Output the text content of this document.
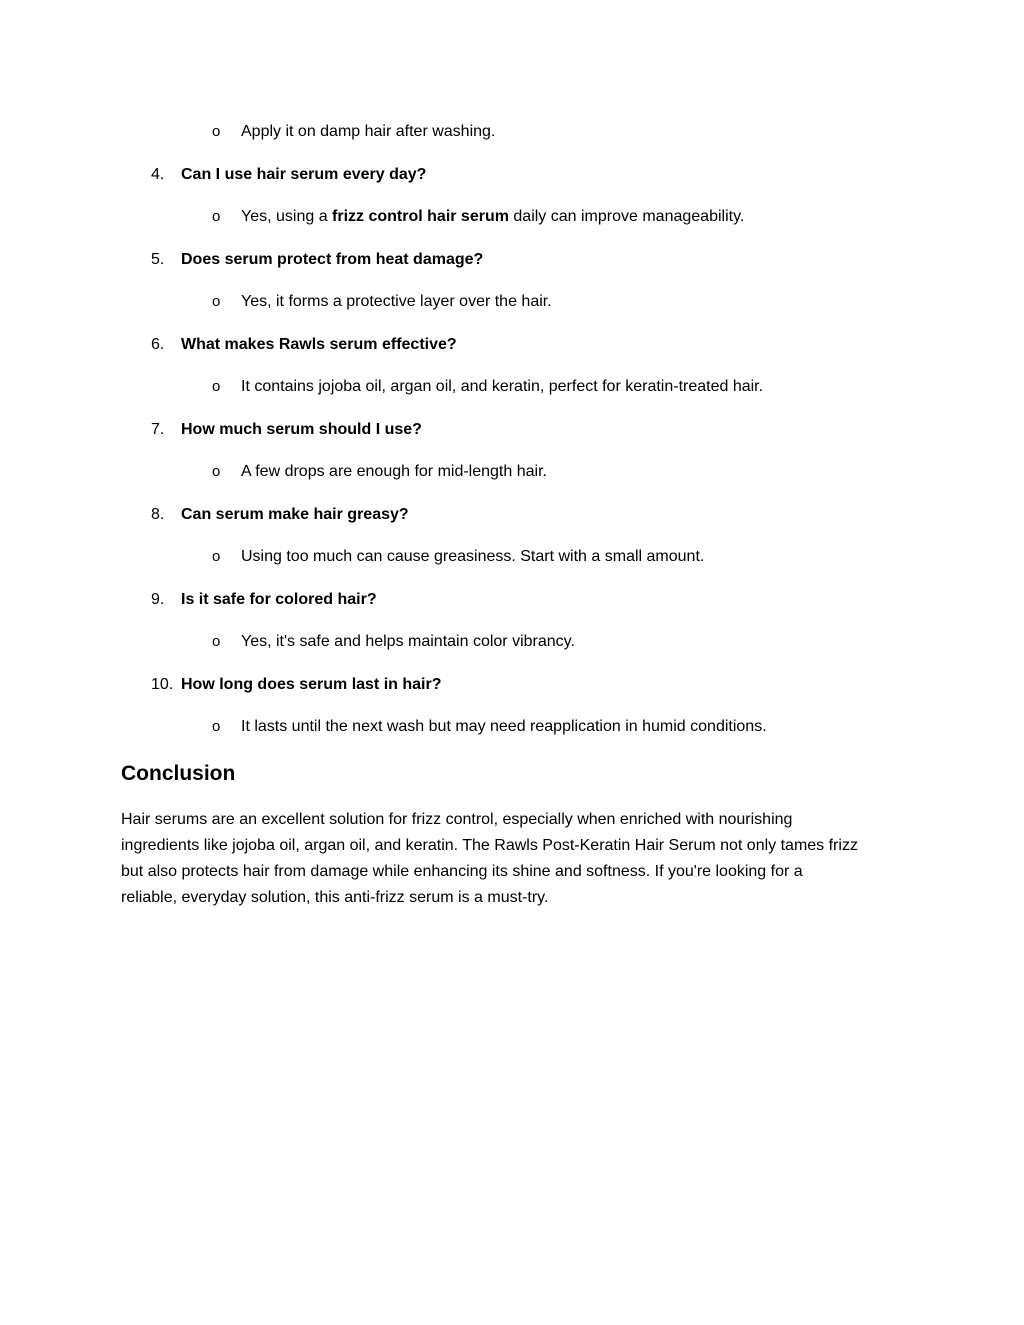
o Apply it on damp hair after washing.
4. Can I use hair serum every day?
o Yes, using a frizz control hair serum daily can improve manageability.
5. Does serum protect from heat damage?
o Yes, it forms a protective layer over the hair.
6. What makes Rawls serum effective?
o It contains jojoba oil, argan oil, and keratin, perfect for keratin-treated hair.
7. How much serum should I use?
o A few drops are enough for mid-length hair.
8. Can serum make hair greasy?
o Using too much can cause greasiness. Start with a small amount.
9. Is it safe for colored hair?
o Yes, it's safe and helps maintain color vibrancy.
10. How long does serum last in hair?
o It lasts until the next wash but may need reapplication in humid conditions.
Conclusion
Hair serums are an excellent solution for frizz control, especially when enriched with nourishing
ingredients like jojoba oil, argan oil, and keratin. The Rawls Post-Keratin Hair Serum not only tames frizz
but also protects hair from damage while enhancing its shine and softness. If you're looking for a
reliable, everyday solution, this anti-frizz serum is a must-try.
